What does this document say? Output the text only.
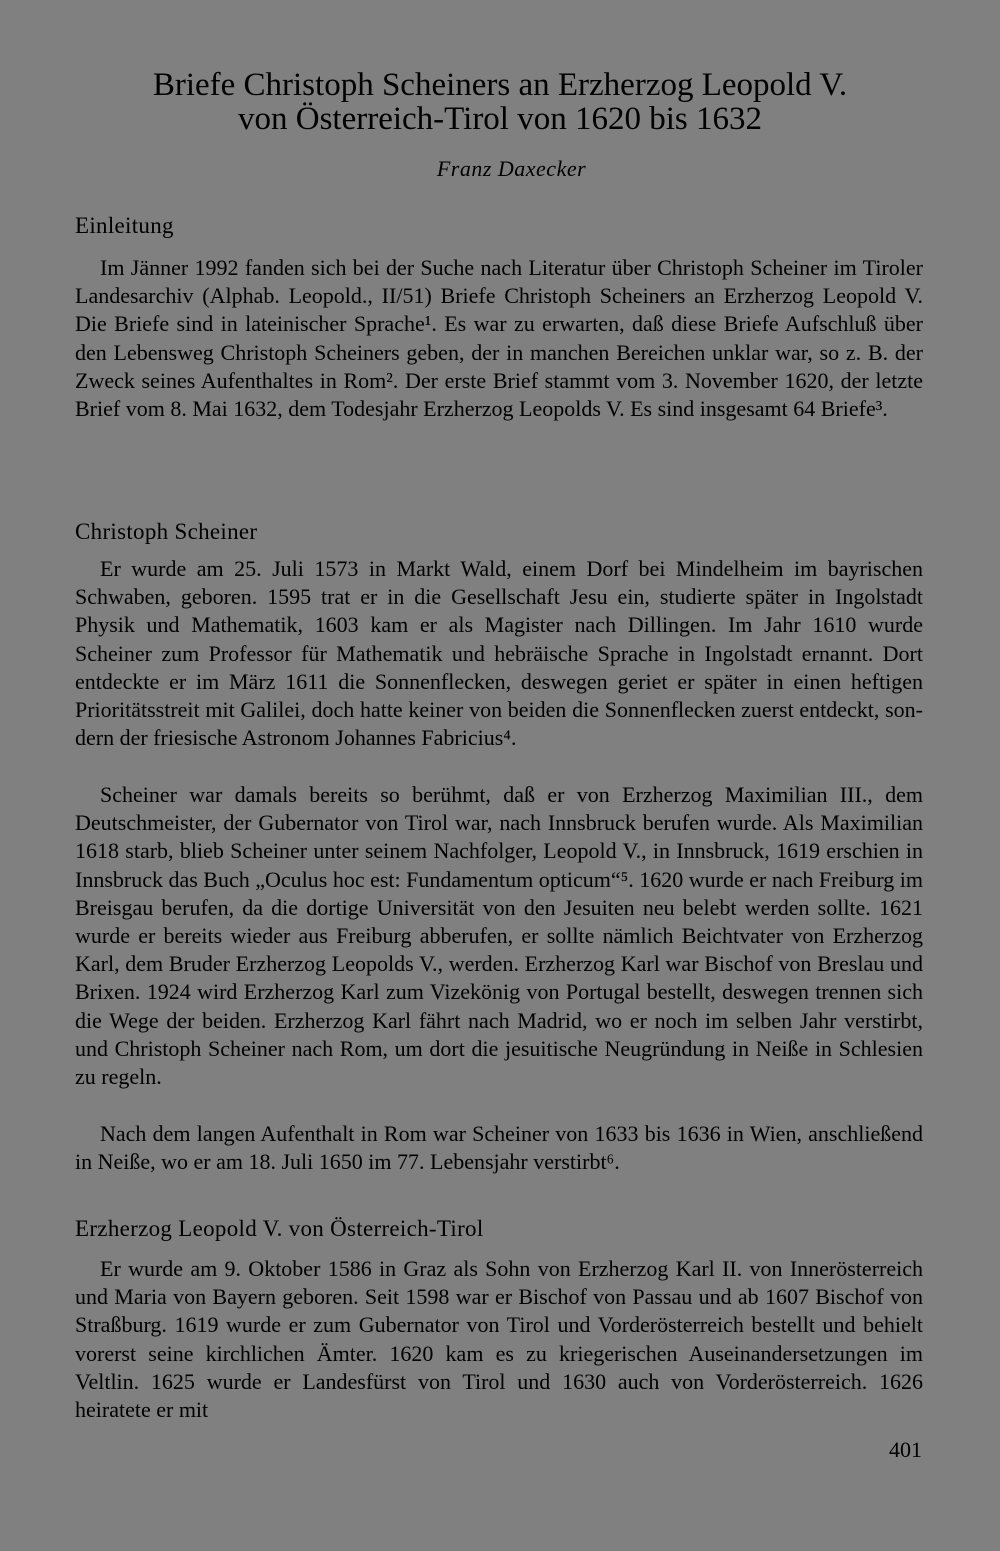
Briefe Christoph Scheiners an Erzherzog Leopold V.
von Österreich-Tirol von 1620 bis 1632
Franz Daxecker
Einleitung

Im Jänner 1992 fanden sich bei der Suche nach Literatur über Christoph Scheiner im Tiroler Landesarchiv (Alphab. Leopold., II/51) Briefe Christoph Scheiners an Erzherzog Leopold V. Die Briefe sind in lateinischer Sprache¹. Es war zu erwarten, daß diese Briefe Aufschluß über den Lebensweg Christoph Scheiners geben, der in manchen Bereichen unklar war, so z. B. der Zweck seines Aufenthaltes in Rom². Der erste Brief stammt vom 3. November 1620, der letzte Brief vom 8. Mai 1632, dem Todesjahr Erzherzog Leopolds V. Es sind insgesamt 64 Briefe³.

Christoph Scheiner

Er wurde am 25. Juli 1573 in Markt Wald, einem Dorf bei Mindelheim im bayrischen Schwaben, geboren. 1595 trat er in die Gesellschaft Jesu ein, studierte später in Ingolstadt Physik und Mathematik, 1603 kam er als Magister nach Dillingen. Im Jahr 1610 wurde Scheiner zum Professor für Mathematik und hebräische Sprache in Ingolstadt ernannt. Dort entdeckte er im März 1611 die Sonnenflecken, deswegen geriet er später in einen heftigen Prioritätsstreit mit Galilei, doch hatte keiner von beiden die Sonnenflecken zuerst entdeckt, sondern der friesische Astronom Johannes Fabricius⁴.

Scheiner war damals bereits so berühmt, daß er von Erzherzog Maximilian III., dem Deutschmeister, der Gubernator von Tirol war, nach Innsbruck berufen wurde. Als Maximilian 1618 starb, blieb Scheiner unter seinem Nachfolger, Leopold V., in Innsbruck, 1619 erschien in Innsbruck das Buch „Oculus hoc est: Fundamentum opticum“⁵. 1620 wurde er nach Freiburg im Breisgau berufen, da die dortige Universität von den Jesuiten neu belebt werden sollte. 1621 wurde er bereits wieder aus Freiburg abberufen, er sollte nämlich Beichtvater von Erzherzog Karl, dem Bruder Erzherzog Leopolds V., werden. Erzherzog Karl war Bischof von Breslau und Brixen. 1924 wird Erzherzog Karl zum Vizekönig von Portugal bestellt, deswegen trennen sich die Wege der beiden. Erzherzog Karl fährt nach Madrid, wo er noch im selben Jahr verstirbt, und Christoph Scheiner nach Rom, um dort die jesuitische Neugründung in Neiße in Schlesien zu regeln.

Nach dem langen Aufenthalt in Rom war Scheiner von 1633 bis 1636 in Wien, anschließend in Neiße, wo er am 18. Juli 1650 im 77. Lebensjahr verstirbt⁶.

Erzherzog Leopold V. von Österreich-Tirol

Er wurde am 9. Oktober 1586 in Graz als Sohn von Erzherzog Karl II. von Innerösterreich und Maria von Bayern geboren. Seit 1598 war er Bischof von Passau und ab 1607 Bischof von Straßburg. 1619 wurde er zum Gubernator von Tirol und Vorderösterreich bestellt und behielt vorerst seine kirchlichen Ämter. 1620 kam es zu kriegerischen Auseinandersetzungen im Veltlin. 1625 wurde er Landesfürst von Tirol und 1630 auch von Vorderösterreich. 1626 heiratete er mit

401
